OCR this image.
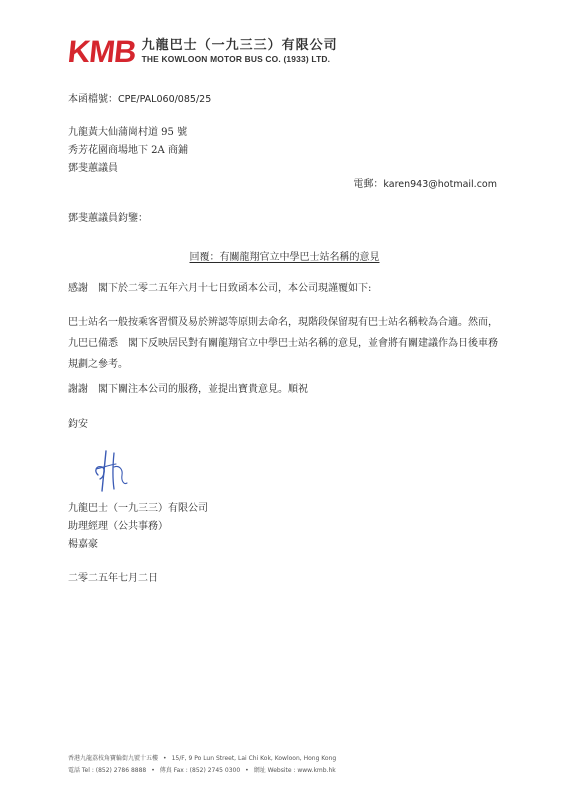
KMB 九龍巴士（一九三三）有限公司
THE KOWLOON MOTOR BUS CO. (1933) LTD.
本函檔號：CPE/PAL060/085/25
九龍黃大仙蒲崗村道 95 號
秀芳花園商場地下 2A 商鋪
鄧斐蕙議員
電郵：karen943@hotmail.com
鄧斐蕙議員鈞鑒：
回覆：有關龍翔官立中學巴士站名稱的意見
感謝　閣下於二零二五年六月十七日致函本公司，本公司現謹覆如下:
巴士站名一般按乘客習慣及易於辨認等原則去命名，現階段保留現有巴士站名稱較為合適。然而，九巴已備悉　閣下反映居民對有關龍翔官立中學巴士站名稱的意見，並會將有關建議作為日後車務規劃之參考。
謝謝　閣下關注本公司的服務，並提出寶貴意見。順祝
鈞安
九龍巴士（一九三三）有限公司
助理經理（公共事務）
楊嘉豪
二零二五年七月二日
香港九龍荔枝角寶輪街九號十五樓 • 15/F, 9 Po Lun Street, Lai Chi Kok, Kowloon, Hong Kong
電話 Tel : (852) 2786 8888 • 傳真 Fax : (852) 2745 0300 • 網址 Website : www.kmb.hk
